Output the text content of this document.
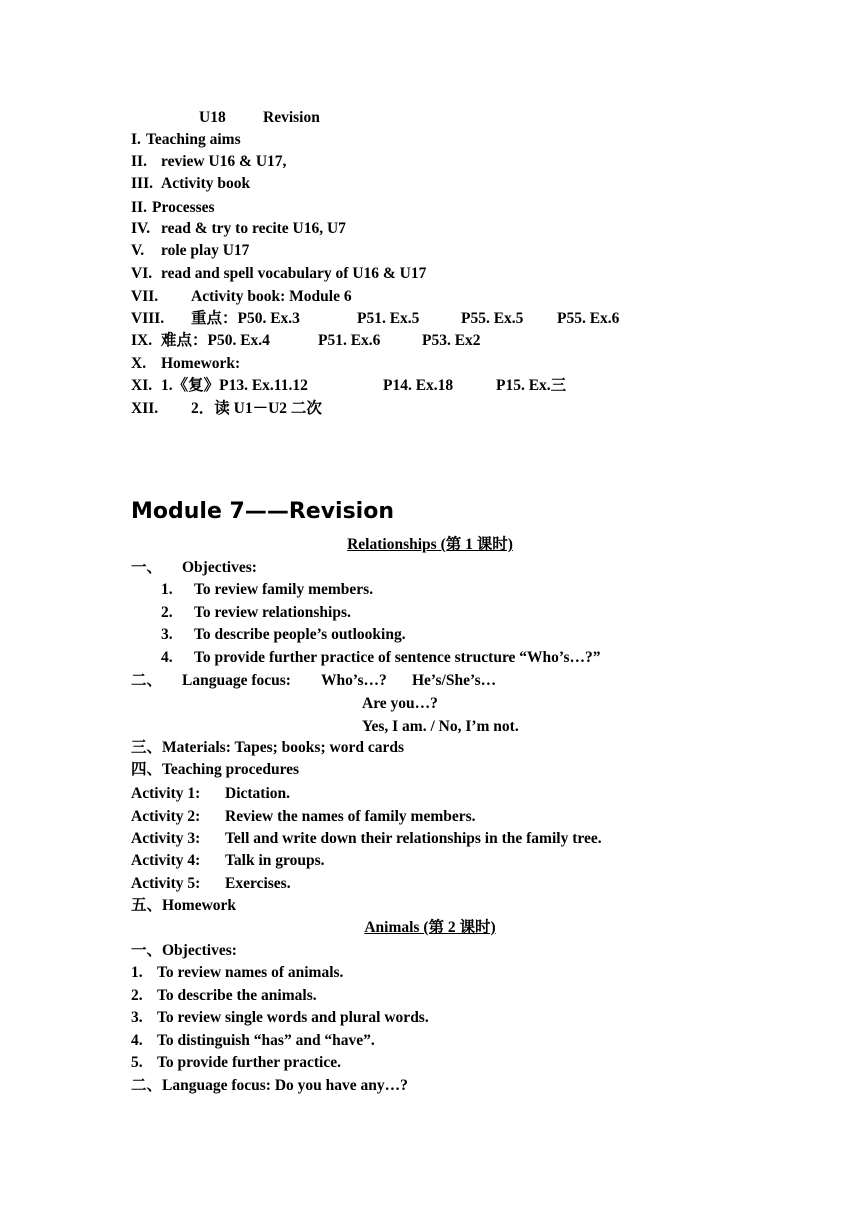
U18 Revision
I. Teaching aims
II. review U16 & U17,
III. Activity book
II. Processes
IV. read & try to recite U16, U7
V. role play U17
VI. read and spell vocabulary of U16 & U17
VII. Activity book: Module 6
VIII. 重点：P50. Ex.3	P51. Ex.5	P55. Ex.5 P55. Ex.6
IX. 难点：P50. Ex.4	P51. Ex.6	P53. Ex2
X. Homework:
XI. 1.《复》P13. Ex.11.12	P14. Ex.18	P15. Ex.三
XII. 2．读 U1－U2 二次
Module 7——Revision
Relationships (第 1 课时)
一、 Objectives:
1. To review family members.
2. To review relationships.
3. To describe people’s outlooking.
4. To provide further practice of sentence structure “Who’s…?”
二、 Language focus: Who’s…? He’s/She’s…
Are you…?
Yes, I am. / No, I’m not.
三、Materials: Tapes; books; word cards
四、Teaching procedures
Activity 1: Dictation.
Activity 2: Review the names of family members.
Activity 3: Tell and write down their relationships in the family tree.
Activity 4: Talk in groups.
Activity 5: Exercises.
五、Homework
Animals (第 2 课时)
一、Objectives:
1. To review names of animals.
2. To describe the animals.
3. To review single words and plural words.
4. To distinguish “has” and “have”.
5. To provide further practice.
二、Language focus: Do you have any…?
